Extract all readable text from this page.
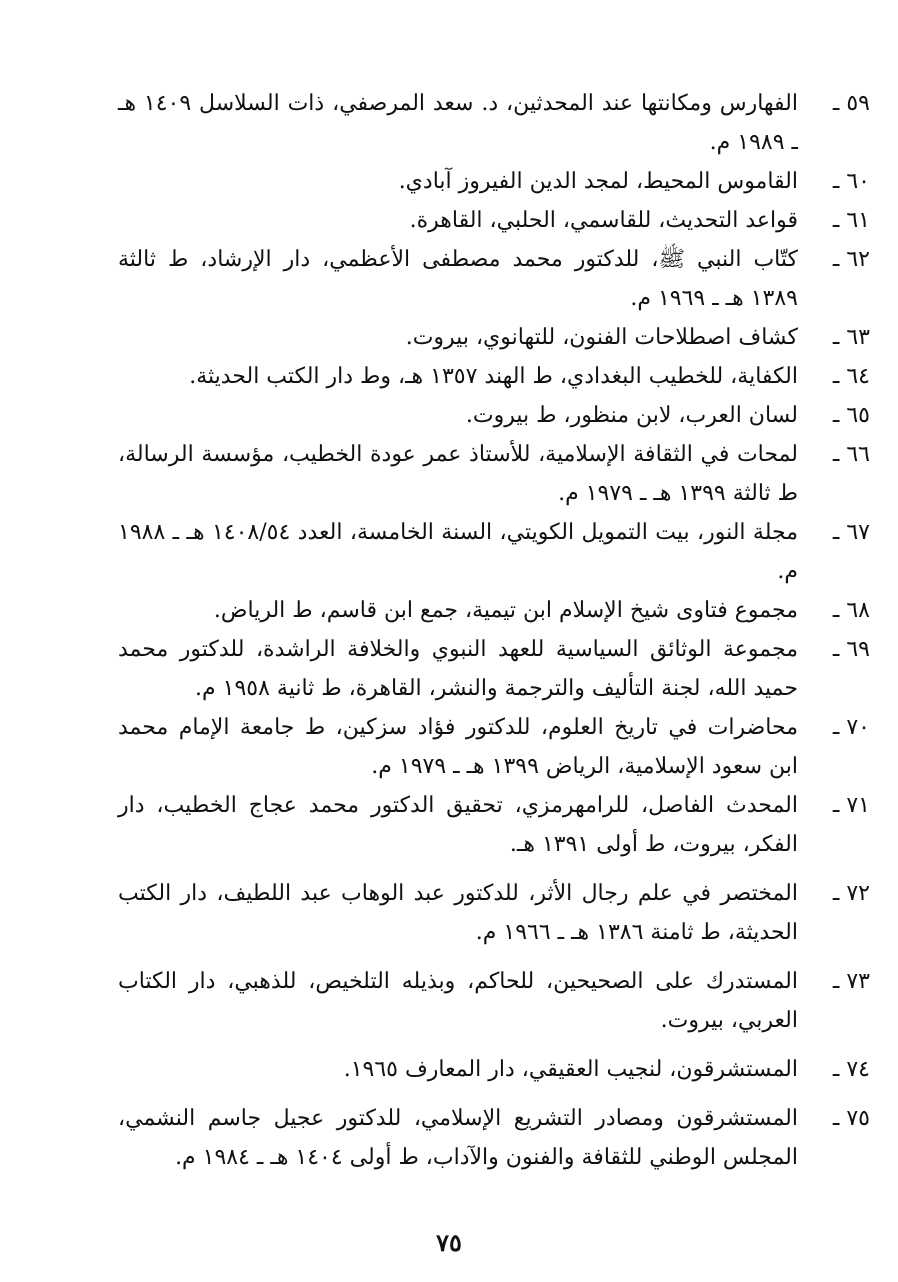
٥٩ ـ
الفهارس ومكانتها عند المحدثين، د. سعد المرصفي، ذات السلاسل ١٤٠٩ هـ ـ ١٩٨٩ م.
٦٠ ـ
القاموس المحيط، لمجد الدين الفيروز آبادي.
٦١ ـ
قواعد التحديث، للقاسمي، الحلبي، القاهرة.
٦٢ ـ
كتّاب النبي ﷺ، للدكتور محمد مصطفى الأعظمي، دار الإرشاد، ط ثالثة ١٣٨٩ هـ ـ ١٩٦٩ م.
٦٣ ـ
كشاف اصطلاحات الفنون، للتهانوي، بيروت.
٦٤ ـ
الكفاية، للخطيب البغدادي، ط الهند ١٣٥٧ هـ، وط دار الكتب الحديثة.
٦٥ ـ
لسان العرب، لابن منظور، ط بيروت.
٦٦ ـ
لمحات في الثقافة الإسلامية، للأستاذ عمر عودة الخطيب، مؤسسة الرسالة، ط ثالثة ١٣٩٩ هـ ـ ١٩٧٩ م.
٦٧ ـ
مجلة النور، بيت التمويل الكويتي، السنة الخامسة، العدد ١٤٠٨/٥٤ هـ ـ ١٩٨٨ م.
٦٨ ـ
مجموع فتاوى شيخ الإسلام ابن تيمية، جمع ابن قاسم، ط الرياض.
٦٩ ـ
مجموعة الوثائق السياسية للعهد النبوي والخلافة الراشدة، للدكتور محمد حميد الله، لجنة التأليف والترجمة والنشر، القاهرة، ط ثانية ١٩٥٨ م.
٧٠ ـ
محاضرات في تاريخ العلوم، للدكتور فؤاد سزكين، ط جامعة الإمام محمد ابن سعود الإسلامية، الرياض ١٣٩٩ هـ ـ ١٩٧٩ م.
٧١ ـ
المحدث الفاصل، للرامهرمزي، تحقيق الدكتور محمد عجاج الخطيب، دار الفكر، بيروت، ط أولى ١٣٩١ هـ.
٧٢ ـ
المختصر في علم رجال الأثر، للدكتور عبد الوهاب عبد اللطيف، دار الكتب الحديثة، ط ثامنة ١٣٨٦ هـ ـ ١٩٦٦ م.
٧٣ ـ
المستدرك على الصحيحين، للحاكم، وبذيله التلخيص، للذهبي، دار الكتاب العربي، بيروت.
٧٤ ـ
المستشرقون، لنجيب العقيقي، دار المعارف ١٩٦٥.
٧٥ ـ
المستشرقون ومصادر التشريع الإسلامي، للدكتور عجيل جاسم النشمي، المجلس الوطني للثقافة والفنون والآداب، ط أولى ١٤٠٤ هـ ـ ١٩٨٤ م.
٧٥
